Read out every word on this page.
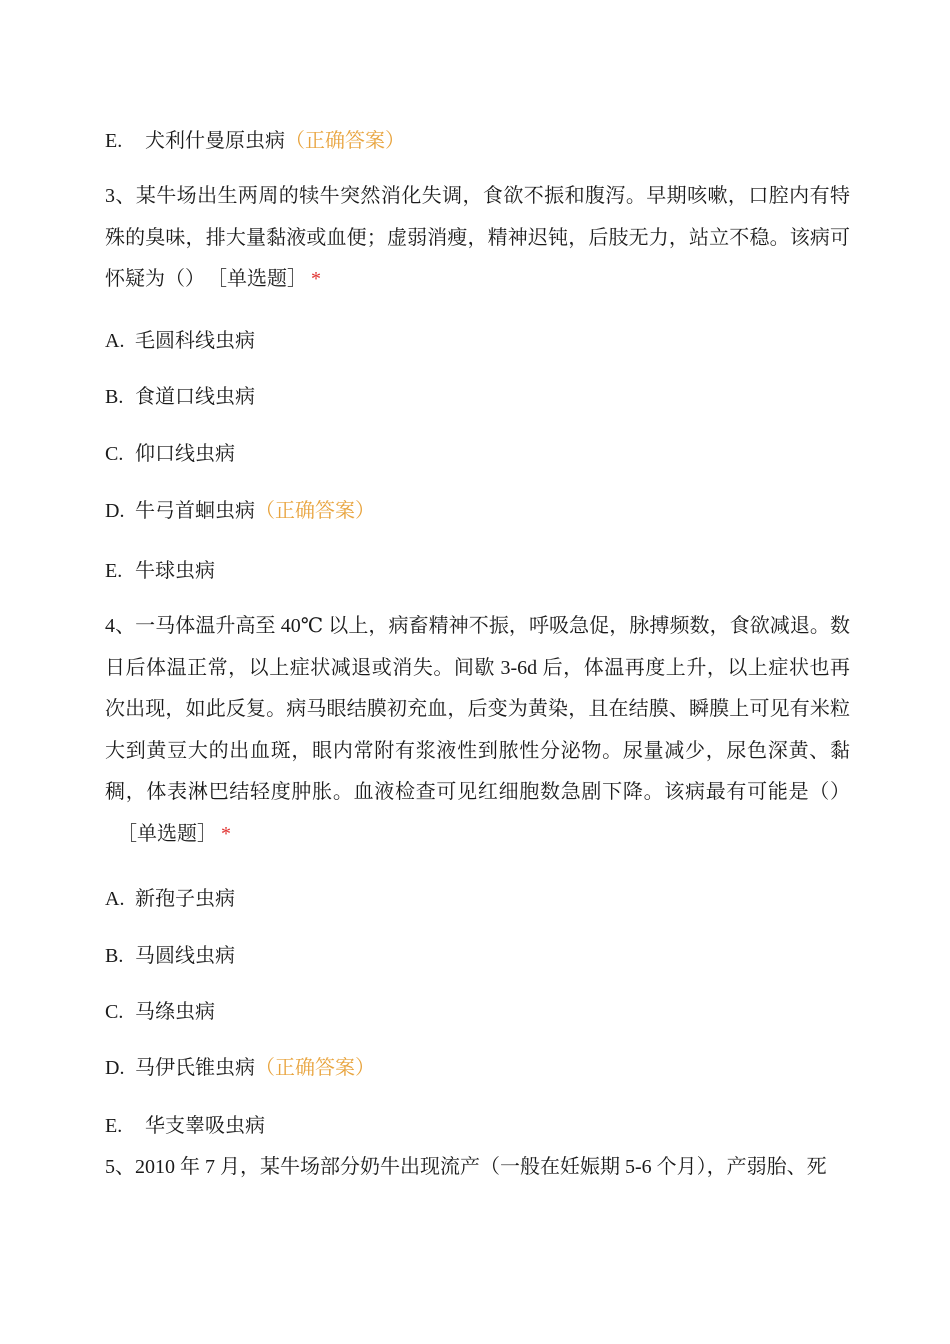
E. 犬利什曼原虫病（正确答案）
3、某牛场出生两周的犊牛突然消化失调，食欲不振和腹泻。早期咳嗽，口腔内有特殊的臭味，排大量黏液或血便；虚弱消瘦，精神迟钝，后肢无力，站立不稳。该病可怀疑为（） ［单选题］ *
A. 毛圆科线虫病
B. 食道口线虫病
C. 仰口线虫病
D. 牛弓首蛔虫病（正确答案）
E. 牛球虫病
4、一马体温升高至 40℃ 以上，病畜精神不振，呼吸急促，脉搏频数，食欲减退。数日后体温正常，以上症状减退或消失。间歇 3-6d 后，体温再度上升，以上症状也再次出现，如此反复。病马眼结膜初充血，后变为黄染，且在结膜、瞬膜上可见有米粒大到黄豆大的出血斑，眼内常附有浆液性到脓性分泌物。尿量减少，尿色深黄、黏稠，体表淋巴结轻度肿胀。血液检查可见红细胞数急剧下降。该病最有可能是（）［单选题］ *
A. 新孢子虫病
B. 马圆线虫病
C. 马绦虫病
D. 马伊氏锥虫病（正确答案）
E. 华支睾吸虫病
5、2010 年 7 月，某牛场部分奶牛出现流产（一般在妊娠期 5-6 个月），产弱胎、死
